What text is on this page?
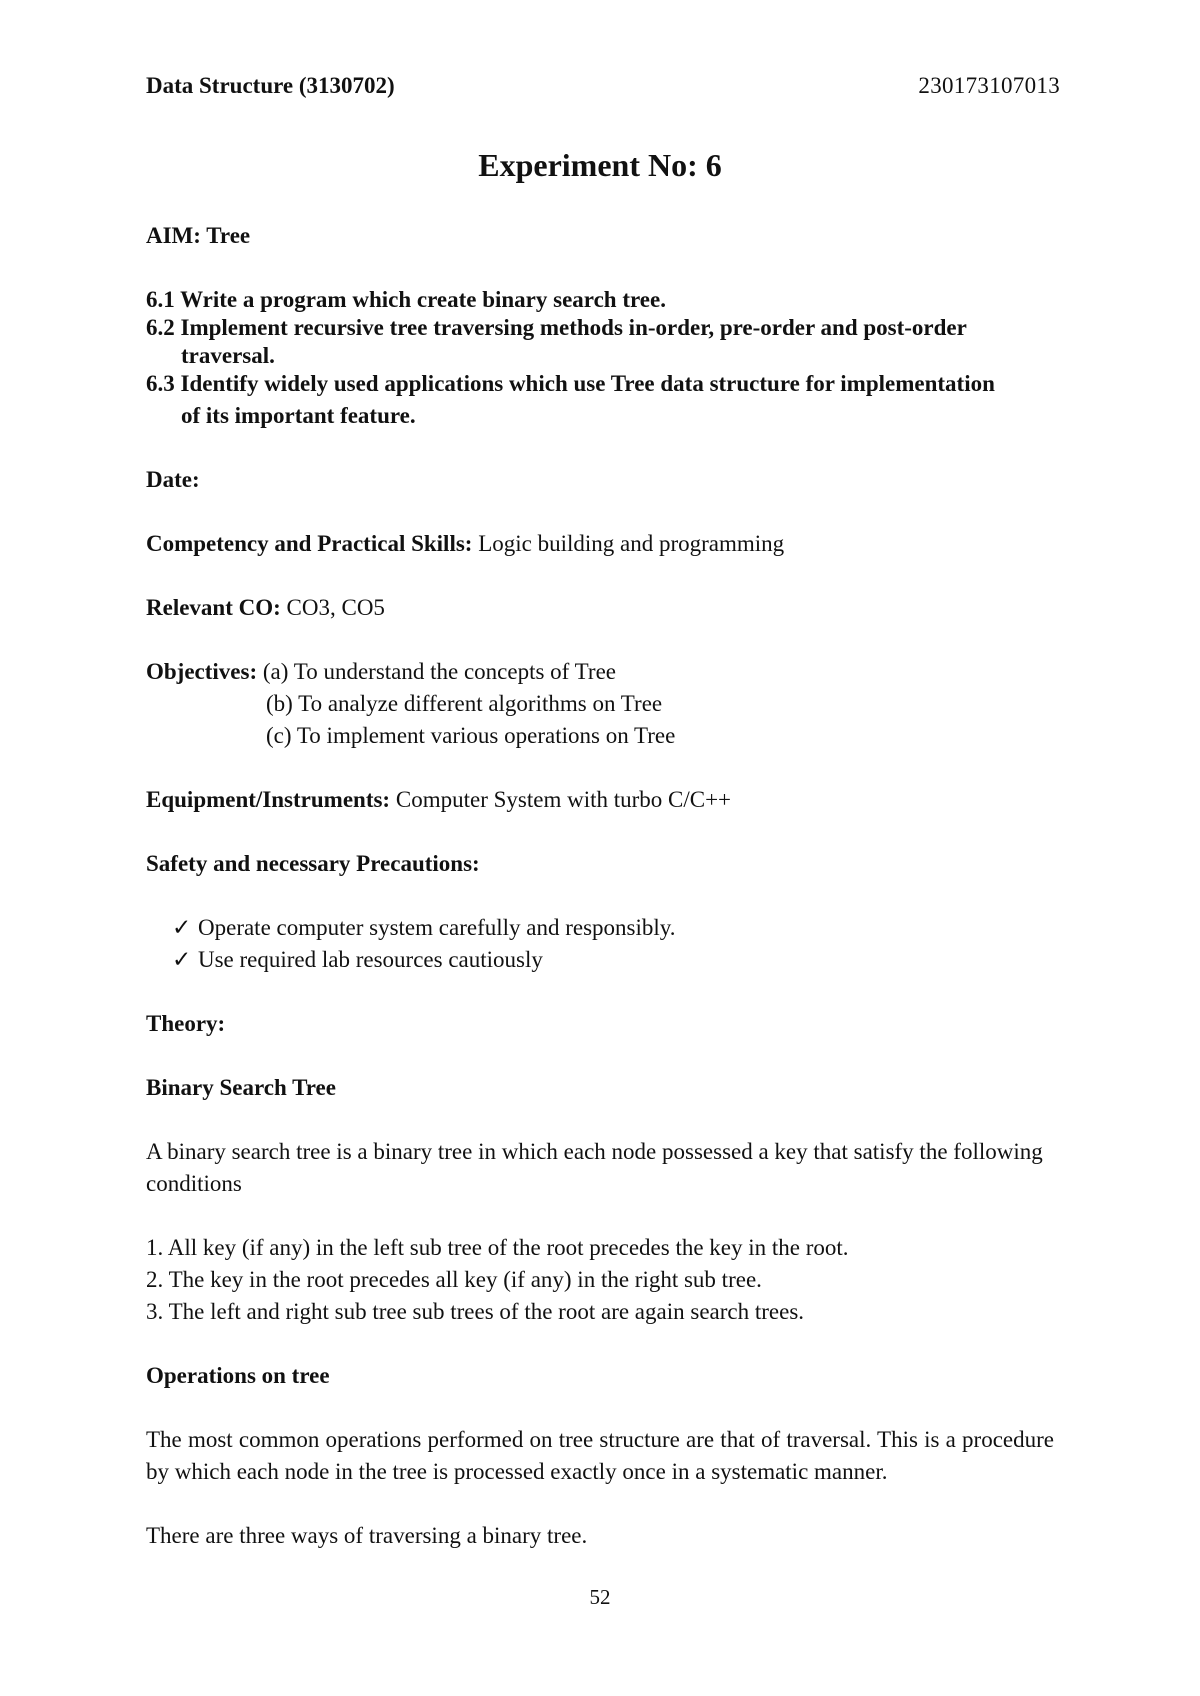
Data Structure (3130702)	230173107013
Experiment No: 6
AIM: Tree
6.1 Write a program which create binary search tree.
6.2 Implement recursive tree traversing methods in-order, pre-order and post-order
traversal.
6.3 Identify widely used applications which use Tree data structure for implementation
of its important feature.
Date:
Competency and Practical Skills: Logic building and programming
Relevant CO: CO3, CO5
Objectives: (a) To understand the concepts of Tree
(b) To analyze different algorithms on Tree
(c) To implement various operations on Tree
Equipment/Instruments: Computer System with turbo C/C++
Safety and necessary Precautions:
✓ Operate computer system carefully and responsibly.
✓ Use required lab resources cautiously
Theory:
Binary Search Tree
A binary search tree is a binary tree in which each node possessed a key that satisfy the following conditions
1. All key (if any) in the left sub tree of the root precedes the key in the root.
2. The key in the root precedes all key (if any) in the right sub tree.
3. The left and right sub tree sub trees of the root are again search trees.
Operations on tree
The most common operations performed on tree structure are that of traversal. This is a procedure by which each node in the tree is processed exactly once in a systematic manner.
There are three ways of traversing a binary tree.
52
